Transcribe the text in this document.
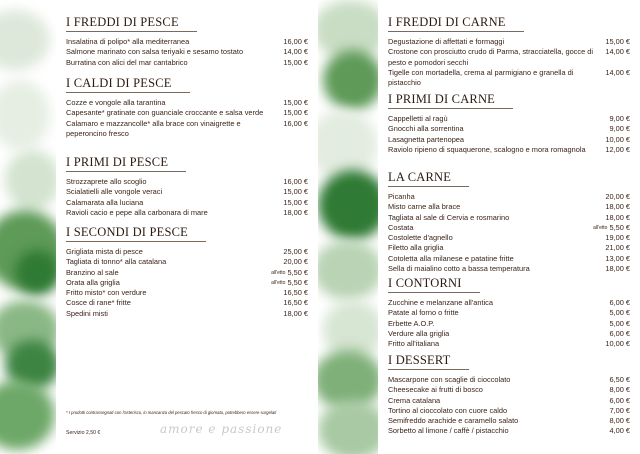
I FREDDI DI PESCE
Insalatina di polipo* alla mediterranea	16,00 €
Salmone marinato con salsa teriyaki e sesamo tostato	14,00 €
Burratina con alici del mar cantabrico	15,00 €
I CALDI DI PESCE
Cozze e vongole alla tarantina	15,00 €
Capesante* gratinate con guanciale croccante e salsa verde	15,00 €
Calamaro e mazzancolle* alla brace con vinaigrette e peperoncino fresco
16,00 €
I PRIMI DI PESCE
Strozzaprete allo scoglio	16,00 €
Scialatielli alle vongole veraci	15,00 €
Calamarata alla luciana	15,00 €
Ravioli cacio e pepe alla carbonara di mare	18,00 €
I SECONDI DI PESCE
Grigliata mista di pesce	25,00 €
Tagliata di tonno* alla catalana	20,00 €
Branzino al sale	all'etto 5,50 €
Orata alla griglia	all'etto 5,50 €
Fritto misto* con verdure	16,50 €
Cosce di rane* fritte	16,50 €
Spedini misti	18,00 €
* I prodotti contrassegnati con l'asterisco, in mancanza del pescato fresco di giornata, potrebbero essere surgelati
Servizio 2,50 €	amore e passione
I FREDDI DI CARNE
Degustazione di affettati e formaggi	15,00 €
Crostone con prosciutto crudo di Parma, stracciatella, gocce di pesto e pomodori secchi
14,00 €
Tigelle con mortadella, crema al parmigiano e granella di pistacchio
14,00 €
I PRIMI DI CARNE
Cappelletti al ragù	9,00 €
Gnocchi alla sorrentina	9,00 €
Lasagnetta partenopea	10,00 €
Raviolo ripieno di squaquerone, scalogno e mora romagnola	12,00 €
LA CARNE
Picanha	20,00 €
Misto carne alla brace	18,00 €
Tagliata al sale di Cervia e rosmarino	18,00 €
Costata	all'etto 5,50 €
Costolette d'agnello	19,00 €
Filetto alla griglia	21,00 €
Cotoletta alla milanese e patatine fritte	13,00 €
Sella di maialino cotto a bassa temperatura	18,00 €
I CONTORNI
Zucchine e melanzane all'antica	6,00 €
Patate al forno o fritte	5,00 €
Erbette A.O.P.	5,00 €
Verdure alla griglia	6,00 €
Fritto all'italiana	10,00 €
I DESSERT
Mascarpone con scaglie di cioccolato	6,50 €
Cheesecake ai frutti di bosco	8,00 €
Crema catalana	6,00 €
Tortino al cioccolato con cuore caldo	7,00 €
Semifreddo arachide e caramello salato	8,00 €
Sorbetto al limone / caffè / pistacchio	4,00 €
